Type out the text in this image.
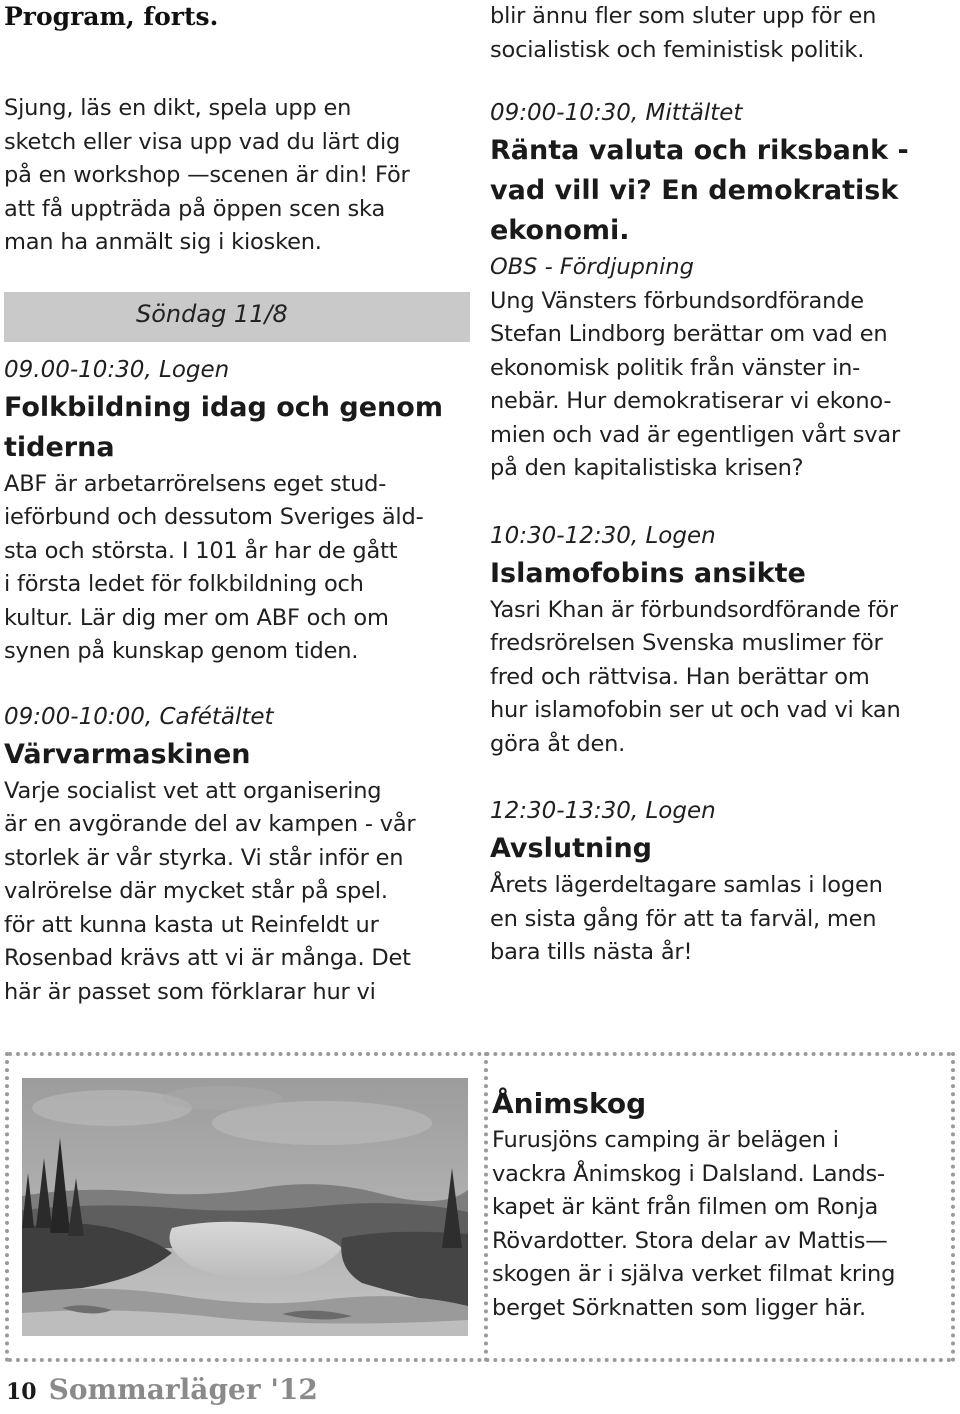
Program, forts.

Sjung, läs en dikt, spela upp en

sketch eller visa upp vad du lärt dig

på en workshop —scenen är din! För

att få uppträda på öppen scen ska

man ha anmält sig i kiosken.

Söndag 11/8

09.00-10:30, Logen

Folkbildning idag och genom

tiderna

ABF är arbetarrörelsens eget stud-

ieförbund och dessutom Sveriges äld-

sta och största. I 101 år har de gått

i första ledet för folkbildning och

kultur. Lär dig mer om ABF och om

synen på kunskap genom tiden.

09:00-10:00, Cafétältet

Värvarmaskinen

Varje socialist vet att organisering

är en avgörande del av kampen - vår

storlek är vår styrka. Vi står inför en

valrörelse där mycket står på spel.

för att kunna kasta ut Reinfeldt ur

Rosenbad krävs att vi är många. Det

här är passet som förklarar hur vi

blir ännu fler som sluter upp för en

socialistisk och feministisk politik.

09:00-10:30, Mittältet

Ränta valuta och riksbank -

vad vill vi? En demokratisk

ekonomi.

OBS - Fördjupning

Ung Vänsters förbundsordförande

Stefan Lindborg berättar om vad en

ekonomisk politik från vänster in-

nebär. Hur demokratiserar vi ekono-

mien och vad är egentligen vårt svar

på den kapitalistiska krisen?

10:30-12:30, Logen

Islamofobins ansikte

Yasri Khan är förbundsordförande för

fredsrörelsen Svenska muslimer för

fred och rättvisa. Han berättar om

hur islamofobin ser ut och vad vi kan

göra åt den.

12:30-13:30, Logen

Avslutning

Årets lägerdeltagare samlas i logen

en sista gång för att ta farväl, men

bara tills nästa år!

Ånimskog

Furusjöns camping är belägen i

vackra Ånimskog i Dalsland. Lands-

kapet är känt från filmen om Ronja

Rövardotter. Stora delar av Mattis—

skogen är i själva verket filmat kring

berget Sörknatten som ligger här.

10 Sommarläger '12
